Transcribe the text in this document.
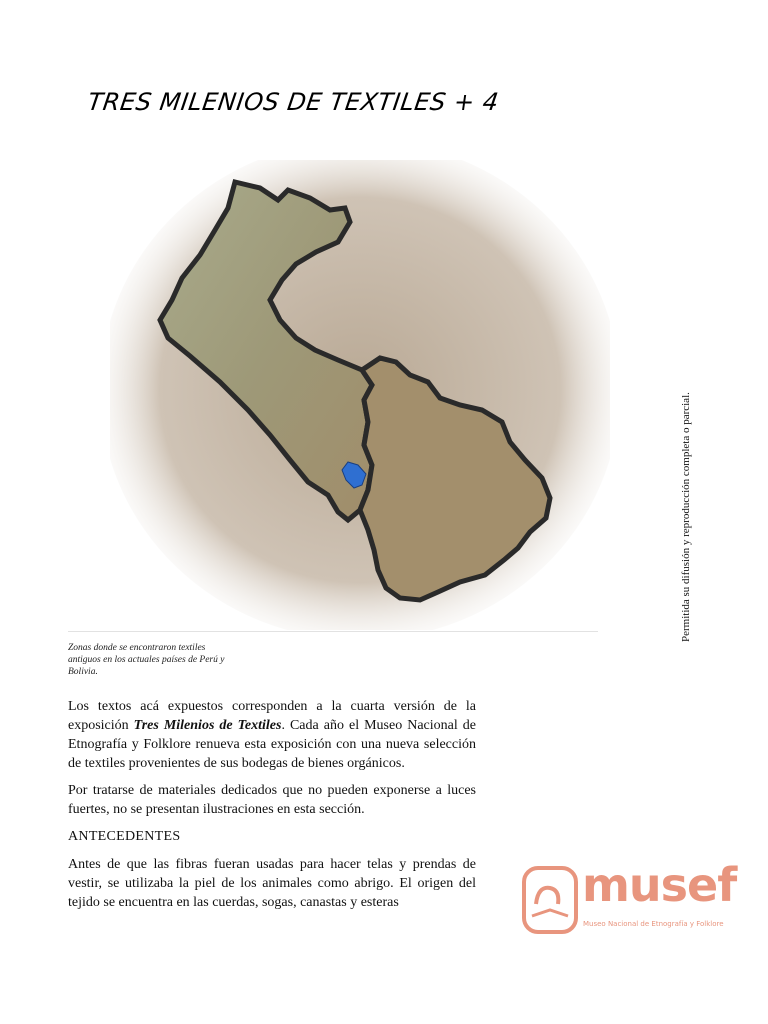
TRES MILENIOS DE TEXTILES + 4
Zonas donde se encontraron textiles antiguos en los actuales países de Perú y Bolivia.
Permitida su difusión y reproducción completa o parcial.

Los textos acá expuestos corresponden a la cuarta versión de la exposición Tres Milenios de Textiles. Cada año el Museo Nacional de Etnografía y Folklore renueva esta exposición con una nueva selección de textiles provenientes de sus bodegas de bienes orgánicos.

Por tratarse de materiales dedicados que no pueden exponerse a luces fuertes, no se presentan ilustraciones en esta sección.

ANTECEDENTES

Antes de que las fibras fueran usadas para hacer telas y prendas de vestir, se utilizaba la piel de los animales como abrigo. El origen del tejido se encuentra en las cuerdas, sogas, canastas y esteras	musef
Museo Nacional de Etnografía y Folklore
